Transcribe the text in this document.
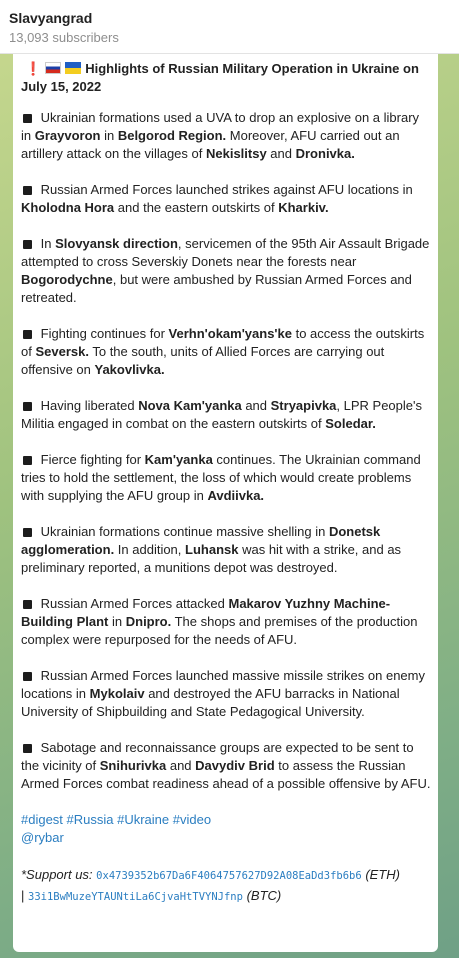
Slavyangrad
13,093 subscribers

❗	Highlights of Russian Military Operation in Ukraine on July 15, 2022

Ukrainian formations used a UVA to drop an explosive on a library in Grayvoron in Belgorod Region. Moreover, AFU carried out an artillery attack on the villages of Nekislitsy and Dronivka.

Russian Armed Forces launched strikes against AFU locations in Kholodna Hora and the eastern outskirts of Kharkiv.

In Slovyansk direction, servicemen of the 95th Air Assault Brigade attempted to cross Severskiy Donets near the forests near Bogorodychne, but were ambushed by Russian Armed Forces and retreated.

Fighting continues for Verhn'okam'yans'ke to access the outskirts of Seversk. To the south, units of Allied Forces are carrying out offensive on Yakovlivka.

Having liberated Nova Kam'yanka and Stryapivka, LPR People's Militia engaged in combat on the eastern outskirts of Soledar.

Fierce fighting for Kam'yanka continues. The Ukrainian command tries to hold the settlement, the loss of which would create problems with supplying the AFU group in Avdiivka.

Ukrainian formations continue massive shelling in Donetsk agglomeration. In addition, Luhansk was hit with a strike, and as preliminary reported, a munitions depot was destroyed.

Russian Armed Forces attacked Makarov Yuzhny Machine-Building Plant in Dnipro. The shops and premises of the production complex were repurposed for the needs of AFU.

Russian Armed Forces launched massive missile strikes on enemy locations in Mykolaiv and destroyed the AFU barracks in National University of Shipbuilding and State Pedagogical University.

Sabotage and reconnaissance groups are expected to be sent to the vicinity of Snihurivka and Davydiv Brid to assess the Russian Armed Forces combat readiness ahead of a possible offensive by AFU.

#digest #Russia #Ukraine #video
@rybar

*Support us: 0x4739352b67Da6F4064757627D92A08EaDd3fb6b6 (ETH)
| 33i1BwMuzeYTAUNtiLa6CjvaHtTVYNJfnp (BTC)
